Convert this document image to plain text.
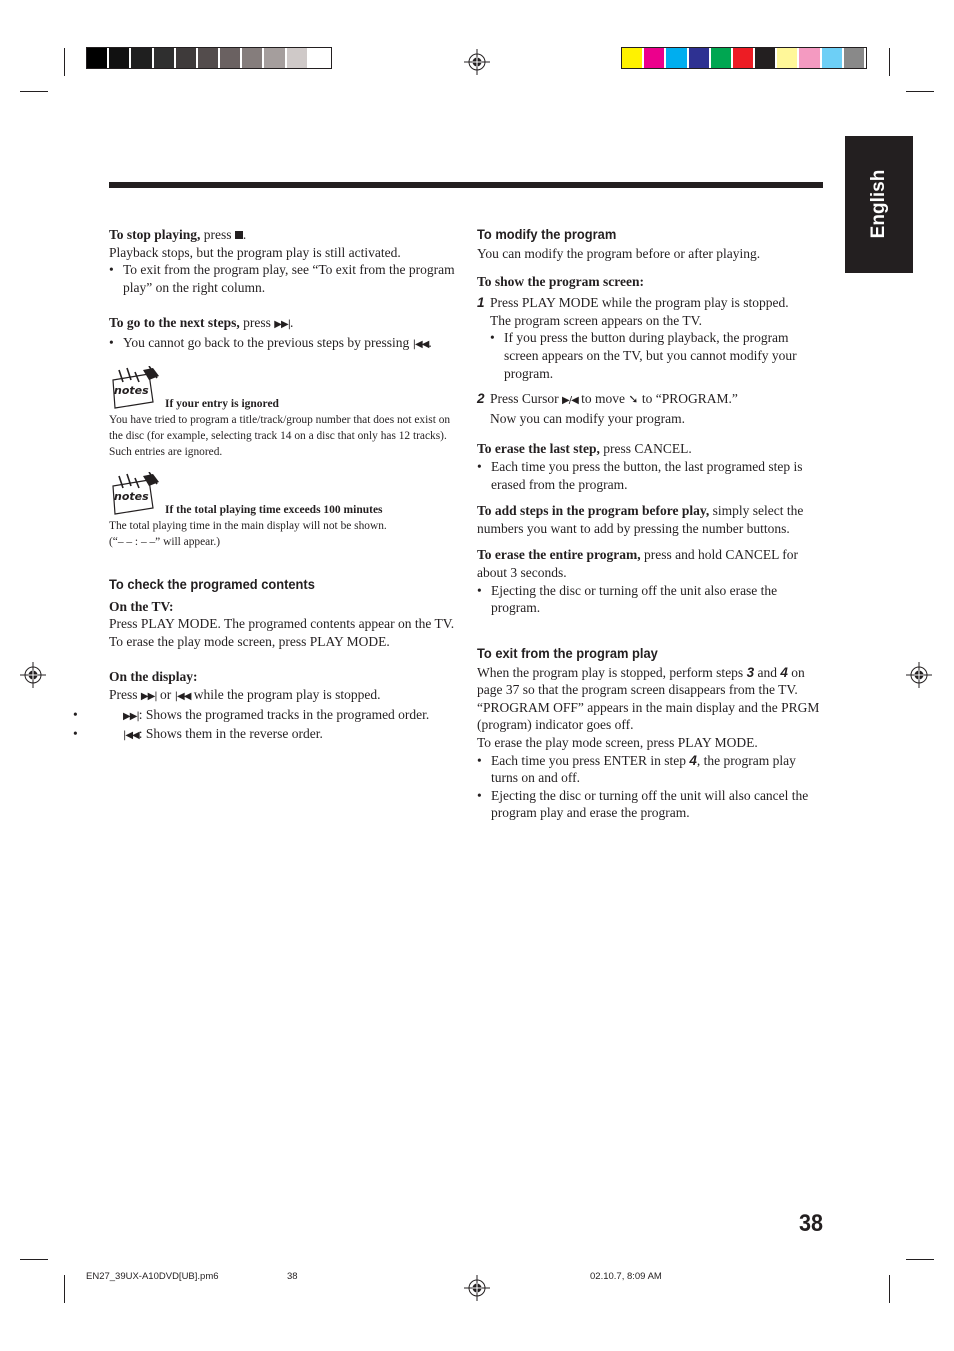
English

To stop playing, press .

Playback stops, but the program play is still activated.

• To exit from the program play, see “To exit from the program play” on the right column.

To go to the next steps, press ▶▶|.

• You cannot go back to the previous steps by pressing |◀◀.

notes
If your entry is ignored
You have tried to program a title/track/group number that does not exist on the disc (for example, selecting track 14 on a disc that only has 12 tracks). Such entries are ignored.
notes
If the total playing time exceeds 100 minutes
The total playing time in the main display will not be shown.
(“– – : – –” will appear.)
To check the programed contents

On the TV:

Press PLAY MODE. The programed contents appear on the TV.

To erase the play mode screen, press PLAY MODE.

On the display:

Press ▶▶| or |◀◀ while the program play is stopped.

• ▶▶|: Shows the programed tracks in the programed order.

• |◀◀: Shows them in the reverse order.

To modify the program

You can modify the program before or after playing.

To show the program screen:

1 Press PLAY MODE while the program play is stopped.

The program screen appears on the TV.

• If you press the button during playback, the program screen appears on the TV, but you cannot modify your program.

2 Press Cursor ▶/◀ to move ➘ to “PROGRAM.”

Now you can modify your program.

To erase the last step, press CANCEL.

• Each time you press the button, the last programed step is erased from the program.

To add steps in the program before play, simply select the numbers you want to add by pressing the number buttons.

To erase the entire program, press and hold CANCEL for about 3 seconds.

• Ejecting the disc or turning off the unit also erase the program.

To exit from the program play

When the program play is stopped, perform steps 3 and 4 on page 37 so that the program screen disappears from the TV.

“PROGRAM OFF” appears in the main display and the PRGM (program) indicator goes off.

To erase the play mode screen, press PLAY MODE.

• Each time you press ENTER in step 4, the program play turns on and off.

• Ejecting the disc or turning off the unit will also cancel the program play and erase the program.

38
EN27_39UX-A10DVD[UB].pm6	38	02.10.7, 8:09 AM
